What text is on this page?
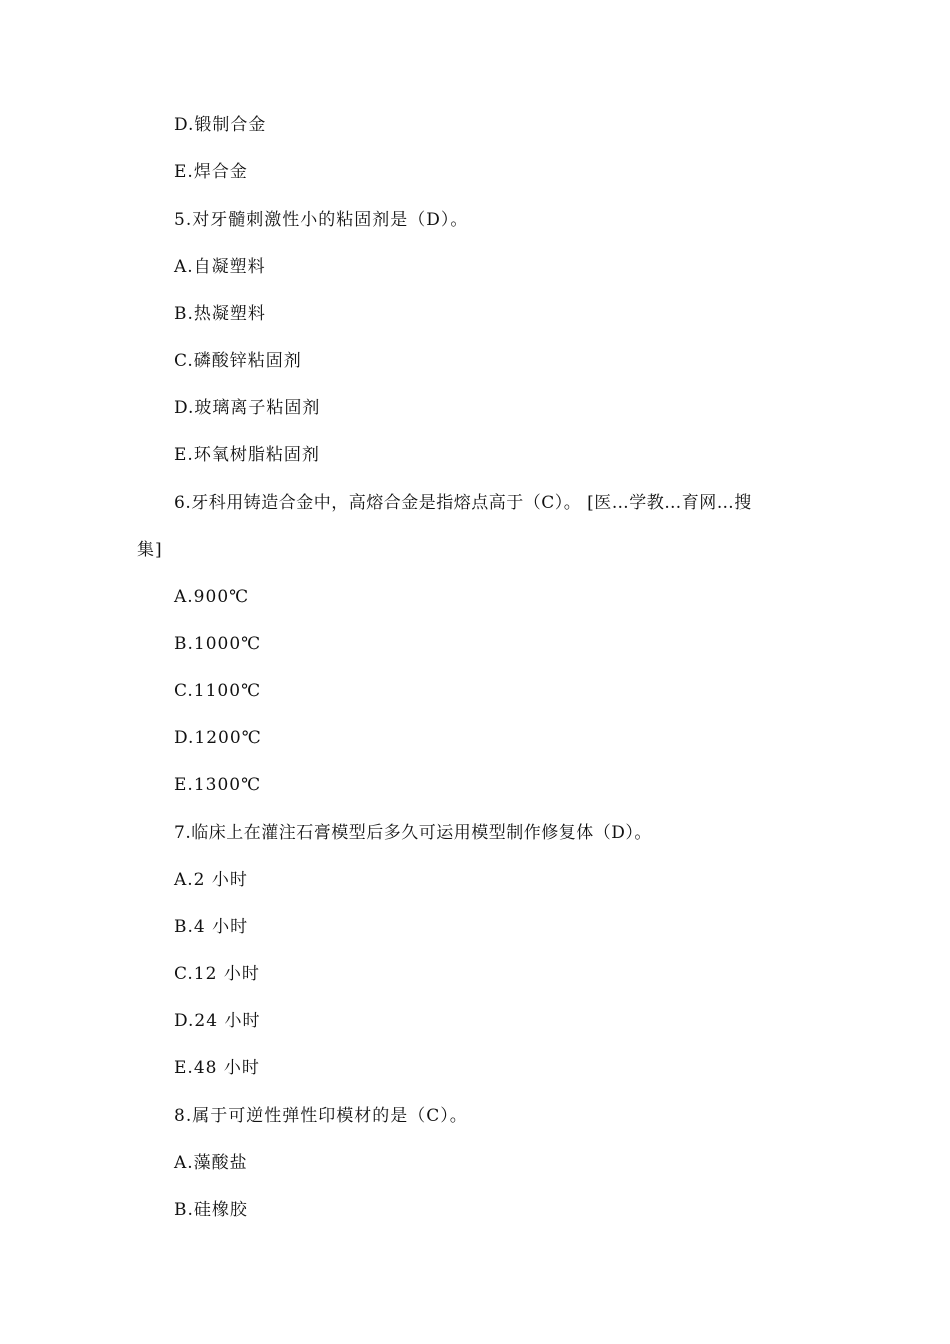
D.锻制合金
E.焊合金
5.对牙髓刺激性小的粘固剂是（D）。
A.自凝塑料
B.热凝塑料
C.磷酸锌粘固剂
D.玻璃离子粘固剂
E.环氧树脂粘固剂
6.牙科用铸造合金中，高熔合金是指熔点高于（C）。 [医…学教…育网…搜
集]
A.900℃
B.1000℃
C.1100℃
D.1200℃
E.1300℃
7.临床上在灌注石膏模型后多久可运用模型制作修复体（D）。
A.2 小时
B.4 小时
C.12 小时
D.24 小时
E.48 小时
8.属于可逆性弹性印模材的是（C）。
A.藻酸盐
B.硅橡胶
